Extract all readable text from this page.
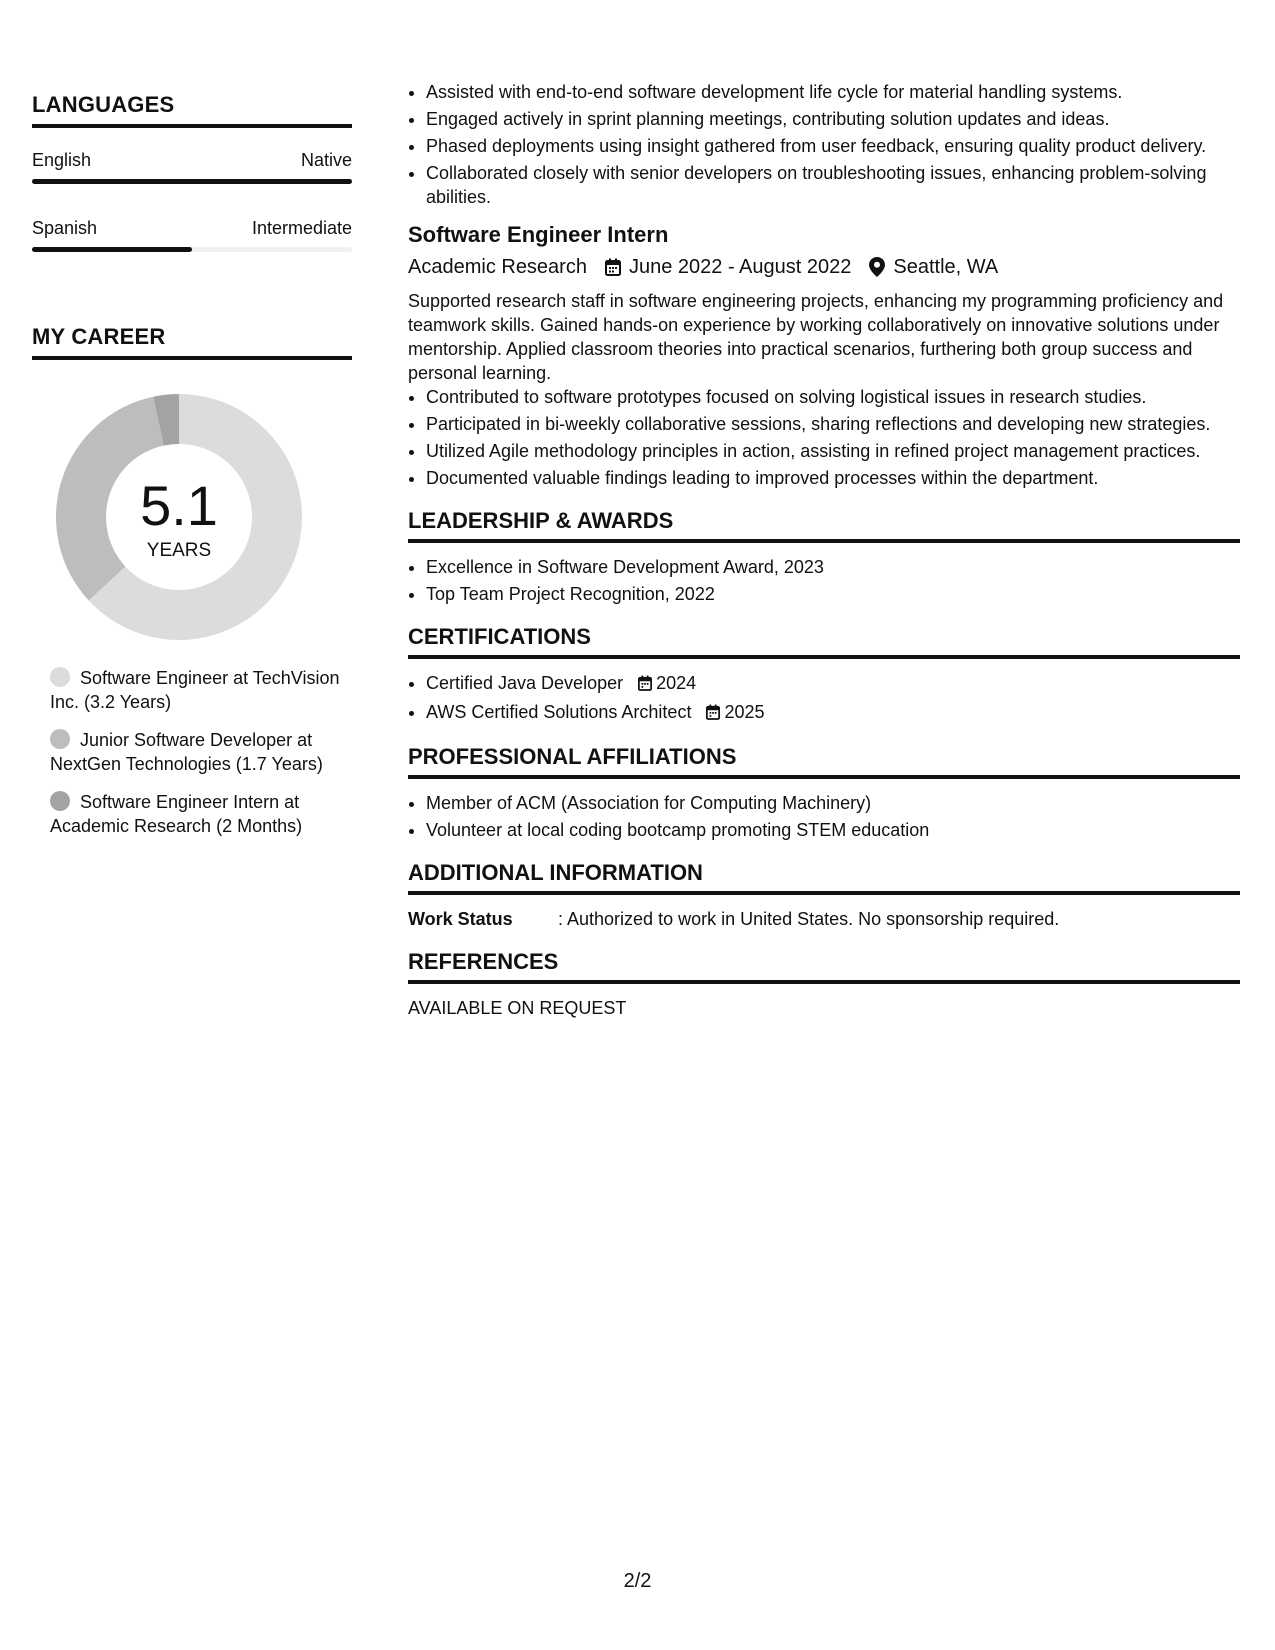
LANGUAGES
English	Native
Spanish	Intermediate
MY CAREER
5.1
YEARS
Software Engineer at TechVision Inc. (3.2 Years)
Junior Software Developer at NextGen Technologies (1.7 Years)
Software Engineer Intern at Academic Research (2 Months)
• Assisted with end-to-end software development life cycle for material handling systems.
• Engaged actively in sprint planning meetings, contributing solution updates and ideas.
• Phased deployments using insight gathered from user feedback, ensuring quality product delivery.
• Collaborated closely with senior developers on troubleshooting issues, enhancing problem-solving abilities.
Software Engineer Intern
Academic Research June 2022 - August 2022 Seattle, WA
Supported research staff in software engineering projects, enhancing my programming proficiency and teamwork skills. Gained hands-on experience by working collaboratively on innovative solutions under mentorship. Applied classroom theories into practical scenarios, furthering both group success and personal learning.
• Contributed to software prototypes focused on solving logistical issues in research studies.
• Participated in bi-weekly collaborative sessions, sharing reflections and developing new strategies.
• Utilized Agile methodology principles in action, assisting in refined project management practices.
• Documented valuable findings leading to improved processes within the department.
LEADERSHIP & AWARDS
• Excellence in Software Development Award, 2023
• Top Team Project Recognition, 2022
CERTIFICATIONS
• Certified Java Developer 2024
• AWS Certified Solutions Architect 2025
PROFESSIONAL AFFILIATIONS
• Member of ACM (Association for Computing Machinery)
• Volunteer at local coding bootcamp promoting STEM education
ADDITIONAL INFORMATION
Work Status	: Authorized to work in United States. No sponsorship required.
REFERENCES
AVAILABLE ON REQUEST
2/2
